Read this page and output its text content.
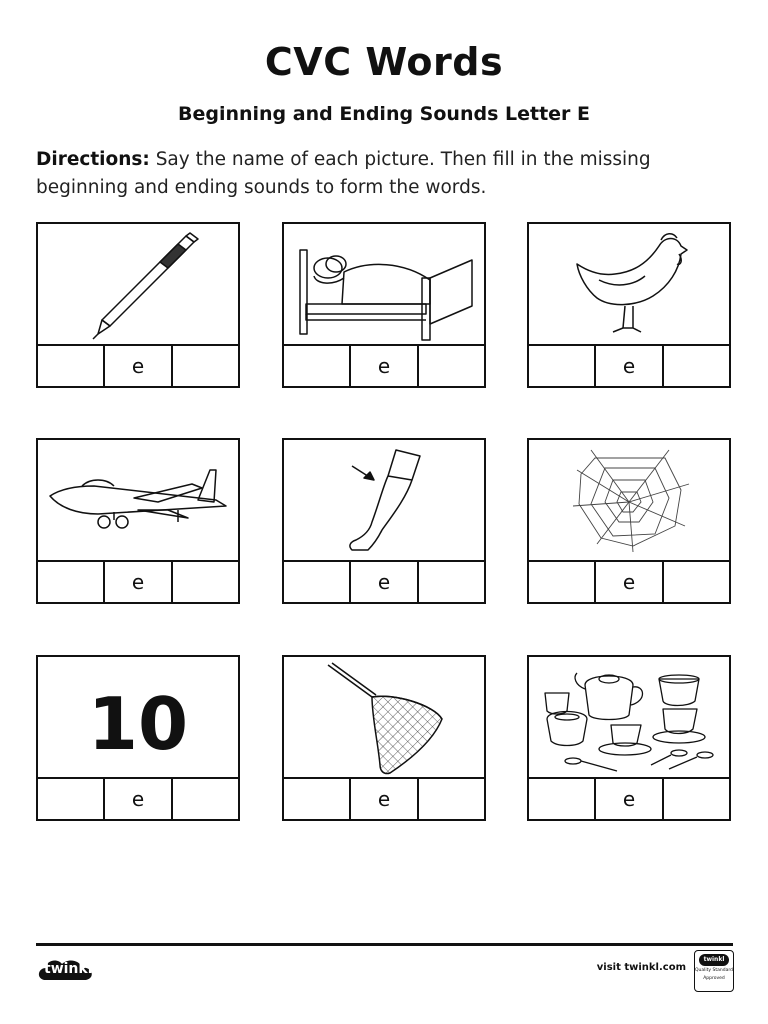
CVC Words
Beginning and Ending Sounds Letter E
Directions: Say the name of each picture. Then fill in the missing beginning and ending sounds to form the words.
e	e	e
e	e	e
10
e	e	e
twinkl	visit twinkl.com
twinkl
Quality Standard
Approved
